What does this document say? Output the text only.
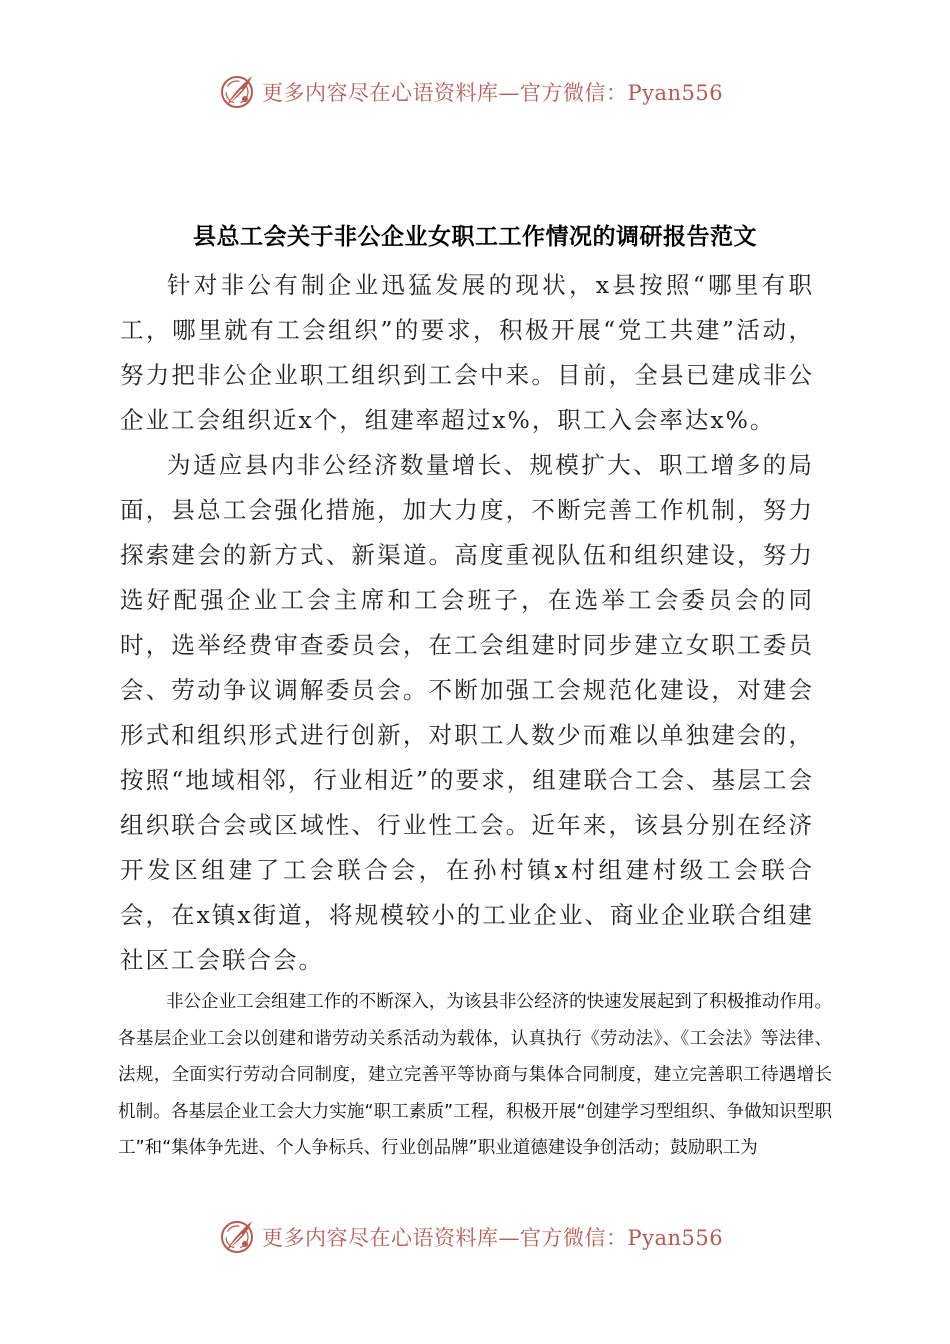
更多内容尽在心语资料库—官方微信：Pyan556
县总工会关于非公企业女职工工作情况的调研报告范文

针对非公有制企业迅猛发展的现状，x县按照“哪里有职工，哪里就有工会组织”的要求，积极开展“党工共建”活动，努力把非公企业职工组织到工会中来。目前，全县已建成非公企业工会组织近x个，组建率超过x%，职工入会率达x%。

为适应县内非公经济数量增长、规模扩大、职工增多的局面，县总工会强化措施，加大力度，不断完善工作机制，努力探索建会的新方式、新渠道。高度重视队伍和组织建设，努力选好配强企业工会主席和工会班子，在选举工会委员会的同时，选举经费审查委员会，在工会组建时同步建立女职工委员会、劳动争议调解委员会。不断加强工会规范化建设，对建会形式和组织形式进行创新，对职工人数少而难以单独建会的，按照“地域相邻，行业相近”的要求，组建联合工会、基层工会组织联合会或区域性、行业性工会。近年来，该县分别在经济开发区组建了工会联合会，在孙村镇x村组建村级工会联合会，在x镇x街道，将规模较小的工业企业、商业企业联合组建社区工会联合会。

非公企业工会组建工作的不断深入，为该县非公经济的快速发展起到了积极推动作用。各基层企业工会以创建和谐劳动关系活动为载体，认真执行《劳动法》、《工会法》等法律、法规，全面实行劳动合同制度，建立完善平等协商与集体合同制度，建立完善职工待遇增长机制。各基层企业工会大力实施“职工素质”工程，积极开展“创建学习型组织、争做知识型职工”和“集体争先进、个人争标兵、行业创品牌”职业道德建设争创活动；鼓励职工为

更多内容尽在心语资料库—官方微信：Pyan556
